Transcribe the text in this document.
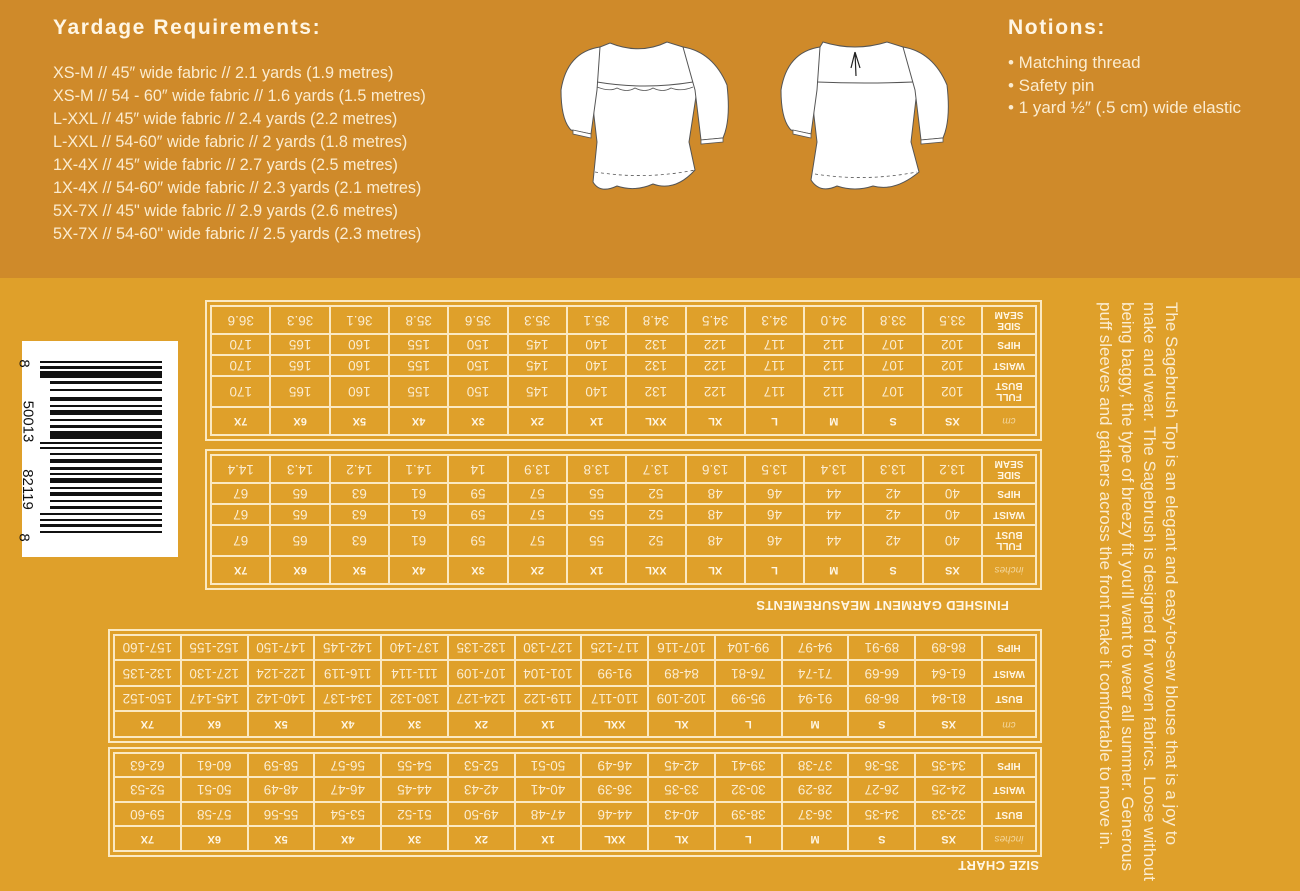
Yardage Requirements:
XS-M // 45″ wide fabric // 2.1 yards (1.9 metres)
XS-M // 54 - 60″ wide fabric // 1.6 yards (1.5 metres)
L-XXL // 45″ wide fabric // 2.4 yards (2.2 metres)
L-XXL // 54-60″ wide fabric // 2 yards (1.8 metres)
1X-4X // 45″ wide fabric // 2.7 yards (2.5 metres)
1X-4X // 54-60″ wide fabric // 2.3 yards (2.1 metres)
5X-7X // 45" wide fabric // 2.9 yards (2.6 metres)
5X-7X // 54-60" wide fabric // 2.5 yards (2.3 metres)
Notions:
• Matching thread
• Safety pin
• 1 yard ½″ (.5 cm) wide elastic
8
50013
82119
8	The Sagebrush Top is an elegant and easy-to-sew blouse that is a joy to make and wear. The Sagebrush is designed for woven fabrics. Loose without being baggy, the type of breezy fit you'll want to wear all summer. Generous puff sleeves and gathers across the front make it comfortable to move in.
cm	XS	S	M	L	XL	XXL	1X	2X	3X	4X	5X	6X	7X
FULL BUST	102	107	112	117	122	132	140	145	150	155	160	165	170
WAIST	102	107	112	117	122	132	140	145	150	155	160	165	170
HIPS	102	107	112	117	122	132	140	145	150	155	160	165	170
SIDE SEAM	33.5	33.8	34.0	34.3	34.5	34.8	35.1	35.3	35.6	35.8	36.1	36.3	36.6
inches	XS	S	M	L	XL	XXL	1X	2X	3X	4X	5X	6X	7X
FULL BUST	40	42	44	46	48	52	55	57	59	61	63	65	67
WAIST	40	42	44	46	48	52	55	57	59	61	63	65	67
HIPS	40	42	44	46	48	52	55	57	59	61	63	65	67
SIDE SEAM	13.2	13.3	13.4	13.5	13.6	13.7	13.8	13.9	14	14.1	14.2	14.3	14.4
FINISHED GARMENT MEASUREMENTS
cm	XS	S	M	L	XL	XXL	1X	2X	3X	4X	5X	6X	7X
BUST	81-84	86-89	91-94	95-99	102-109	110-117	119-122	124-127	130-132	134-137	140-142	145-147	150-152
WAIST	61-64	66-69	71-74	76-81	84-89	91-99	101-104	107-109	111-114	116-119	122-124	127-130	132-135
HIPS	86-89	89-91	94-97	99-104	107-116	117-125	127-130	132-135	137-140	142-145	147-150	152-155	157-160
inches	XS	S	M	L	XL	XXL	1X	2X	3X	4X	5X	6X	7X
BUST	32-33	34-35	36-37	38-39	40-43	44-46	47-48	49-50	51-52	53-54	55-56	57-58	59-60
WAIST	24-25	26-27	28-29	30-32	33-35	36-39	40-41	42-43	44-45	46-47	48-49	50-51	52-53
HIPS	34-35	35-36	37-38	39-41	42-45	46-49	50-51	52-53	54-55	56-57	58-59	60-61	62-63
SIZE CHART
